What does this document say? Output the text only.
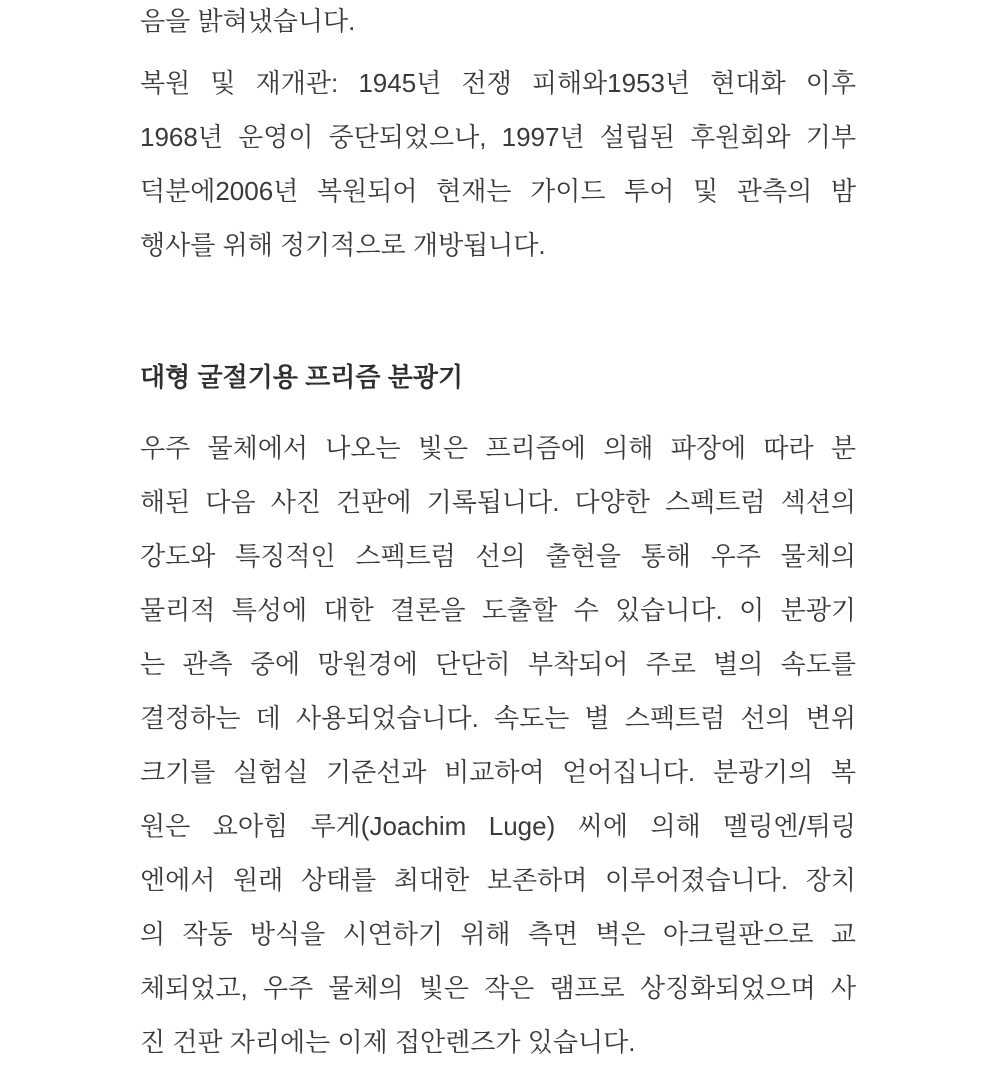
음을 밝혀냈습니다.
복원 및 재개관: 1945년 전쟁 피해와1953년 현대화 이후
1968년 운영이 중단되었으나, 1997년 설립된 후원회와 기부
덕분에2006년 복원되어 현재는 가이드 투어 및 관측의 밤
행사를 위해 정기적으로 개방됩니다.
대형 굴절기용 프리즘 분광기
우주 물체에서 나오는 빛은 프리즘에 의해 파장에 따라 분
해된 다음 사진 건판에 기록됩니다. 다양한 스펙트럼 섹션의
강도와 특징적인 스펙트럼 선의 출현을 통해 우주 물체의
물리적 특성에 대한 결론을 도출할 수 있습니다. 이 분광기
는 관측 중에 망원경에 단단히 부착되어 주로 별의 속도를
결정하는 데 사용되었습니다. 속도는 별 스펙트럼 선의 변위
크기를 실험실 기준선과 비교하여 얻어집니다. 분광기의 복
원은 요아힘 루게(Joachim Luge) 씨에 의해 멜링엔/튀링
엔에서 원래 상태를 최대한 보존하며 이루어졌습니다. 장치
의 작동 방식을 시연하기 위해 측면 벽은 아크릴판으로 교
체되었고, 우주 물체의 빛은 작은 램프로 상징화되었으며 사
진 건판 자리에는 이제 접안렌즈가 있습니다.
